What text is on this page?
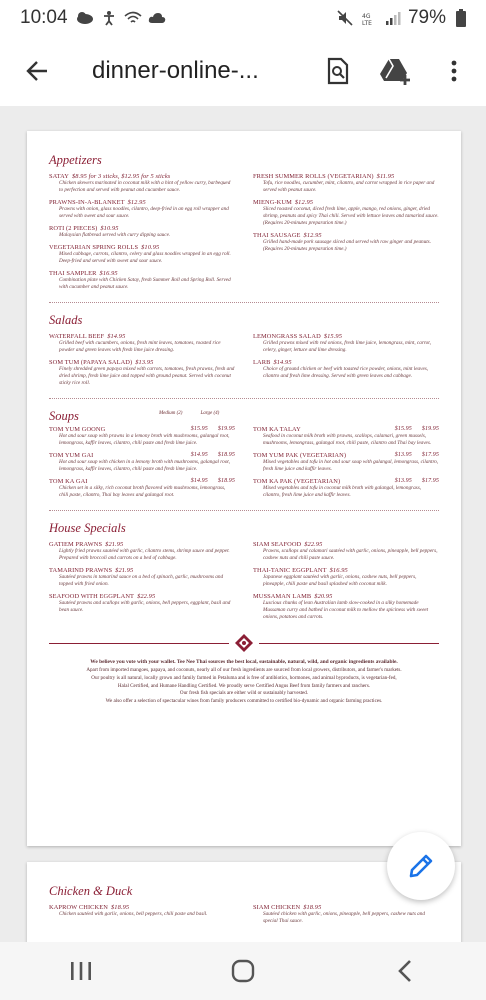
10:04	4G
LTE 79%
dinner-online-...
Appetizers
SATAY $8.95 for 3 sticks, $12.95 for 5 sticks
Chicken skewers marinated in coconut milk with a hint of yellow curry, barbequed to perfection and served with peanut and cucumber sauce.
PRAWNS-IN-A-BLANKET $12.95
Prawns with onion, glass noodles, cilantro, deep-fried in an egg roll wrapper and served with sweet and sour sauce.
ROTI (2 PIECES) $10.95
Malaysian flatbread served with curry dipping sauce.
VEGETARIAN SPRING ROLLS $10.95
Mixed cabbage, carrots, cilantro, celery and glass noodles wrapped in an egg roll. Deep-fried and served with sweet and sour sauce.
THAI SAMPLER $16.95
Combination plate with Chicken Satay, fresh Summer Roll and Spring Roll. Served with cucumber and peanut sauce.
FRESH SUMMER ROLLS (VEGETARIAN) $11.95
Tofu, rice noodles, cucumber, mint, cilantro, and carrot wrapped in rice paper and served with peanut sauce.
MIENG-KUM $12.95
Sliced roasted coconut, diced fresh lime, apple, mango, red onions, ginger, dried shrimp, peanuts and spicy Thai chili. Served with lettuce leaves and tamarind sauce. (Requires 20-minutes preparation time.)
THAI SAUSAGE $12.95
Grilled hand-made pork sausage sliced and served with raw ginger and peanuts. (Requires 20-minutes preparation time.)
Salads
WATERFALL BEEF $14.95
Grilled beef with cucumbers, onions, fresh mint leaves, tomatoes, roasted rice powder and green leaves with fresh lime juice dressing.
SOM TUM (PAPAYA SALAD) $13.95
Finely shredded green papaya mixed with carrots, tomatoes, fresh prawns, fresh and dried shrimp, fresh lime juice and topped with ground peanut. Served with coconut sticky rice roll.
LEMONGRASS SALAD $15.95
Grilled prawns mixed with red onions, fresh lime juice, lemongrass, mint, carrot, celery, ginger, lettuce and lime dressing.
LARB $14.95
Choice of ground chicken or beef with toasted rice powder, onions, mint leaves, cilantro and fresh lime dressing. Served with green leaves and cabbage.
Soups	Medium (2)	Large (4)
TOM YUM GOONG	$15.95 $19.95
Hot and sour soup with prawns in a lemony broth with mushrooms, galangal root, lemongrass, kaffir leaves, cilantro, chili paste and fresh lime juice.
TOM YUM GAI	$14.95 $18.95
Hot and sour soup with chicken in a lemony broth with mushrooms, galangal root, lemongrass, kaffir leaves, cilantro, chili paste and fresh lime juice.
TOM KA GAI	$14.95 $18.95
Chicken set in a silky, rich coconut broth flavored with mushrooms, lemongrass, chili paste, cilantro, Thai bay leaves and galangal root.
TOM KA TALAY	$15.95 $19.95
Seafood in coconut milk broth with prawns, scallops, calamari, green mussels, mushrooms, lemongrass, galangal root, chili paste, cilantro and Thai bay leaves.
TOM YUM PAK (VEGETARIAN)	$13.95 $17.95
Mixed vegetables and tofu in hot and sour soup with galangal, lemongrass, cilantro, fresh lime juice and kaffir leaves.
TOM KA PAK (VEGETARIAN)	$13.95 $17.95
Mixed vegetables and tofu in coconut milk broth with galangal, lemongrass, cilantro, fresh lime juice and kaffir leaves.
House Specials
GATIEM PRAWNS $21.95
Lightly fried prawns sautéed with garlic, cilantro stems, shrimp sauce and pepper. Prepared with broccoli and carrots on a bed of cabbage.
TAMARIND PRAWNS $21.95
Sautéed prawns in tamarind sauce on a bed of spinach, garlic, mushrooms and topped with fried onion.
SEAFOOD WITH EGGPLANT $22.95
Sautéed prawns and scallops with garlic, onions, bell peppers, eggplant, basil and bean sauce.
SIAM SEAFOOD $22.95
Prawns, scallops and calamari sautéed with garlic, onions, pineapple, bell peppers, cashew nuts and chili paste sauce.
THAI-TANIC EGGPLANT $16.95
Japanese eggplant sautéed with garlic, onions, cashew nuts, bell peppers, pineapple, chili paste and basil splashed with coconut milk.
MUSSAMAN LAMB $20.95
Luscious chunks of lean Australian lamb slow-cooked in a silky homemade Mussaman curry and bathed in coconut milk to mellow the spiciness with sweet onions, potatoes and carrots.
We believe you vote with your wallet. Tee Nee Thai sources the best local, sustainable, natural, wild, and organic ingredients available.
Apart from imported mangoes, papaya, and coconuts, nearly all of our fresh ingredients are sourced from local growers, distributors, and farmer's markets.
Our poultry is all natural, locally grown and family farmed in Petaluma and is free of antibiotics, hormones, and animal byproducts, is vegetarian-fed,
Halal Certified, and Humane Handling Certified. We proudly serve Certified Angus Beef from family farmers and ranchers.
Our fresh fish specials are either wild or sustainably harvested.
We also offer a selection of spectacular wines from family producers committed to certified bio-dynamic and organic farming practices.
Chicken & Duck
KAPROW CHICKEN $18.95
Chicken sautéed with garlic, onions, bell peppers, chili paste and basil.
SIAM CHICKEN $18.95
Sautéed chicken with garlic, onions, pineapple, bell peppers, cashew nuts and special Thai sauce.
